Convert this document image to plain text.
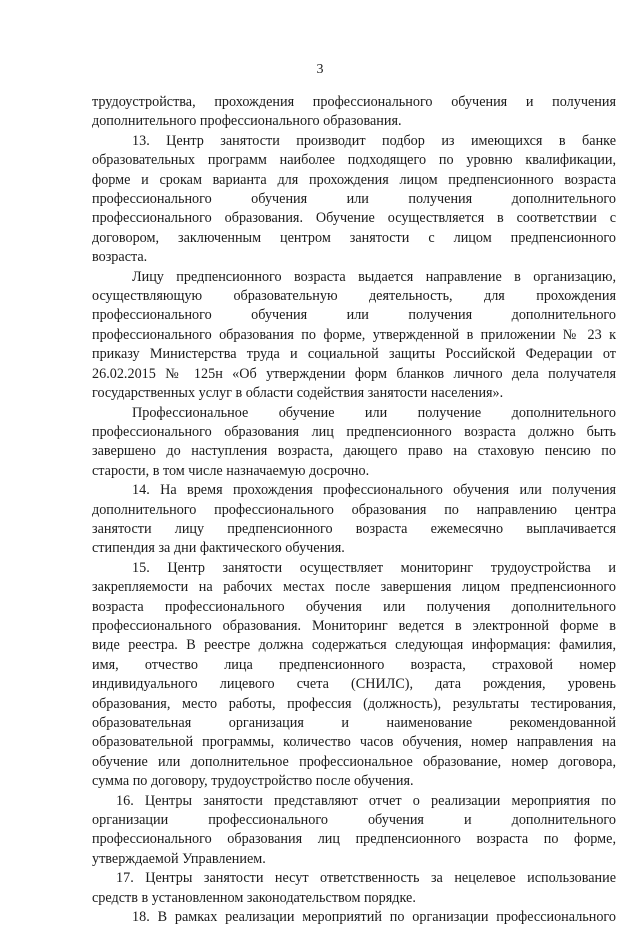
3
трудоустройства, прохождения профессионального обучения и получения
дополнительного профессионального образования.
13. Центр занятости производит подбор из имеющихся в банке
образовательных программ наиболее подходящего по уровню квалификации,
форме и срокам варианта для прохождения лицом предпенсионного возраста
профессионального обучения или получения дополнительного
профессионального образования. Обучение осуществляется в соответствии с
договором, заключенным центром занятости с лицом предпенсионного
возраста.
Лицу предпенсионного возраста выдается направление в организацию,
осуществляющую образовательную деятельность, для прохождения
профессионального обучения или получения дополнительного
профессионального образования по форме, утвержденной в приложении № 23 к
приказу Министерства труда и социальной защиты Российской Федерации от
26.02.2015 № 125н «Об утверждении форм бланков личного дела получателя
государственных услуг в области содействия занятости населения».
Профессиональное обучение или получение дополнительного
профессионального образования лиц предпенсионного возраста должно быть
завершено до наступления возраста, дающего право на стаховую пенсию по
старости, в том числе назначаемую досрочно.
14. На время прохождения профессионального обучения или получения
дополнительного профессионального образования по направлению центра
занятости лицу предпенсионного возраста ежемесячно выплачивается
стипендия за дни фактического обучения.
15. Центр занятости осуществляет мониторинг трудоустройства и
закрепляемости на рабочих местах после завершения лицом предпенсионного
возраста профессионального обучения или получения дополнительного
профессионального образования. Мониторинг ведется в электронной форме в
виде реестра. В реестре должна содержаться следующая информация: фамилия,
имя, отчество лица предпенсионного возраста, страховой номер
индивидуального лицевого счета (СНИЛС), дата рождения, уровень
образования, место работы, профессия (должность), результаты тестирования,
образовательная организация и наименование рекомендованной
образовательной программы, количество часов обучения, номер направления на
обучение или дополнительное профессиональное образование, номер договора,
сумма по договору, трудоустройство после обучения.
16. Центры занятости представляют отчет о реализации мероприятия по
организации профессионального обучения и дополнительного
профессионального образования лиц предпенсионного возраста по форме,
утверждаемой Управлением.
17. Центры занятости несут ответственность за нецелевое использование
средств в установленном законодательством порядке.
18. В рамках реализации мероприятий по организации профессионального
